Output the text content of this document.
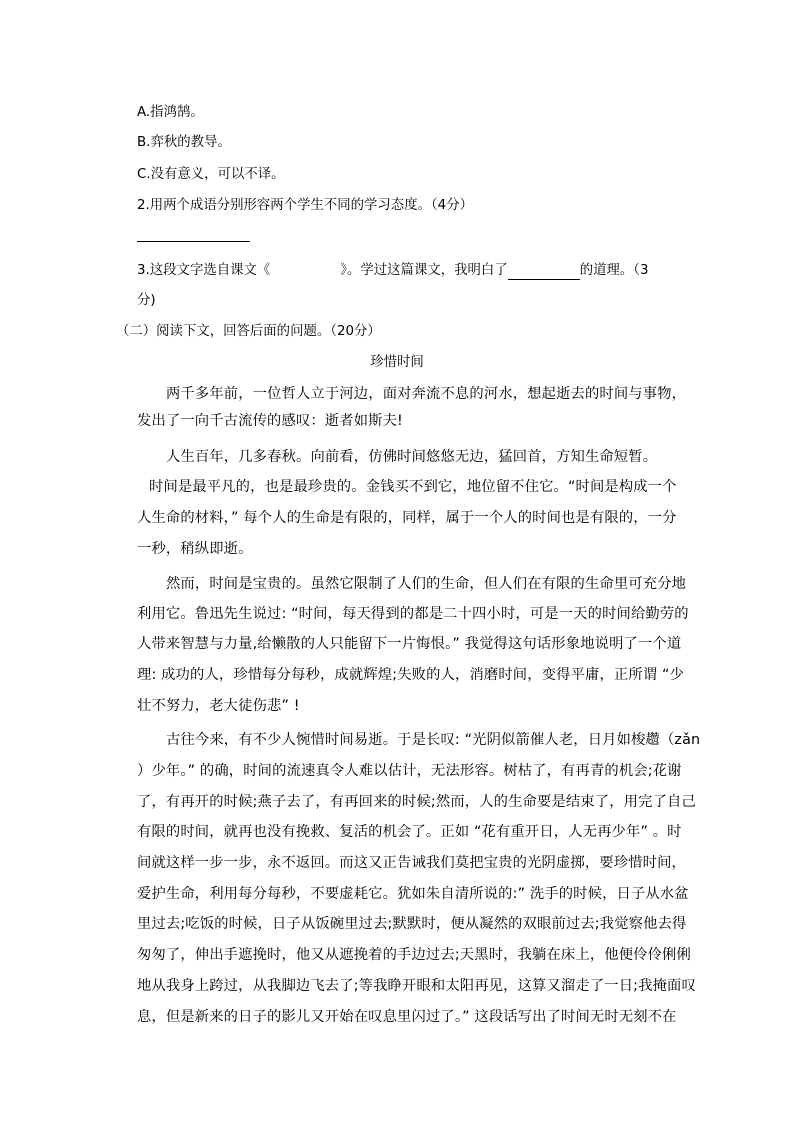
A.指鸿鹄。
B.弈秋的教导。
C.没有意义，可以不译。
2.用两个成语分别形容两个学生不同的学习态度。（4分）
3.这段文字选自课文《	》。学过这篇课文，我明白了	的道理。（3
分)
（二）阅读下文，回答后面的问题。（20分）
珍惜时间
两千多年前，一位哲人立于河边，面对奔流不息的河水，想起逝去的时间与事物，
发出了一向千古流传的感叹：逝者如斯夫!
人生百年，几多春秋。向前看，仿佛时间悠悠无边，猛回首，方知生命短暂。
时间是最平凡的，也是最珍贵的。金钱买不到它，地位留不住它。“时间是构成一个
人生命的材料，” 每个人的生命是有限的，同样，属于一个人的时间也是有限的，一分
一秒，稍纵即逝。
然而，时间是宝贵的。虽然它限制了人们的生命，但人们在有限的生命里可充分地
利用它。鲁迅先生说过: “时间，每天得到的都是二十四小时，可是一天的时间给勤劳的
人带来智慧与力量,给懒散的人只能留下一片悔恨。” 我觉得这句话形象地说明了一个道
理: 成功的人，珍惜每分每秒，成就辉煌;失败的人，消磨时间，变得平庸，正所谓 “少
壮不努力，老大徒伤悲” !
古往今来，有不少人惋惜时间易逝。于是长叹: “光阴似箭催人老，日月如梭趱（zǎn
）少年。” 的确，时间的流速真令人难以估计，无法形容。树枯了，有再青的机会;花谢
了，有再开的时候;燕子去了，有再回来的时候;然而，人的生命要是结束了，用完了自己
有限的时间，就再也没有挽救、复活的机会了。正如 “花有重开日，人无再少年” 。时
间就这样一步一步，永不返回。而这又正告诫我们莫把宝贵的光阴虚掷，要珍惜时间，
爱护生命，利用每分每秒，不要虚耗它。犹如朱自清所说的:” 洗手的时候，日子从水盆
里过去;吃饭的时候，日子从饭碗里过去;默默时，便从凝然的双眼前过去;我觉察他去得
匆匆了，伸出手遮挽时，他又从遮挽着的手边过去;天黑时，我躺在床上，他便伶伶俐俐
地从我身上跨过，从我脚边飞去了;等我睁开眼和太阳再见，这算又溜走了一日;我掩面叹
息，但是新来的日子的影儿又开始在叹息里闪过了。” 这段话写出了时间无时无刻不在
